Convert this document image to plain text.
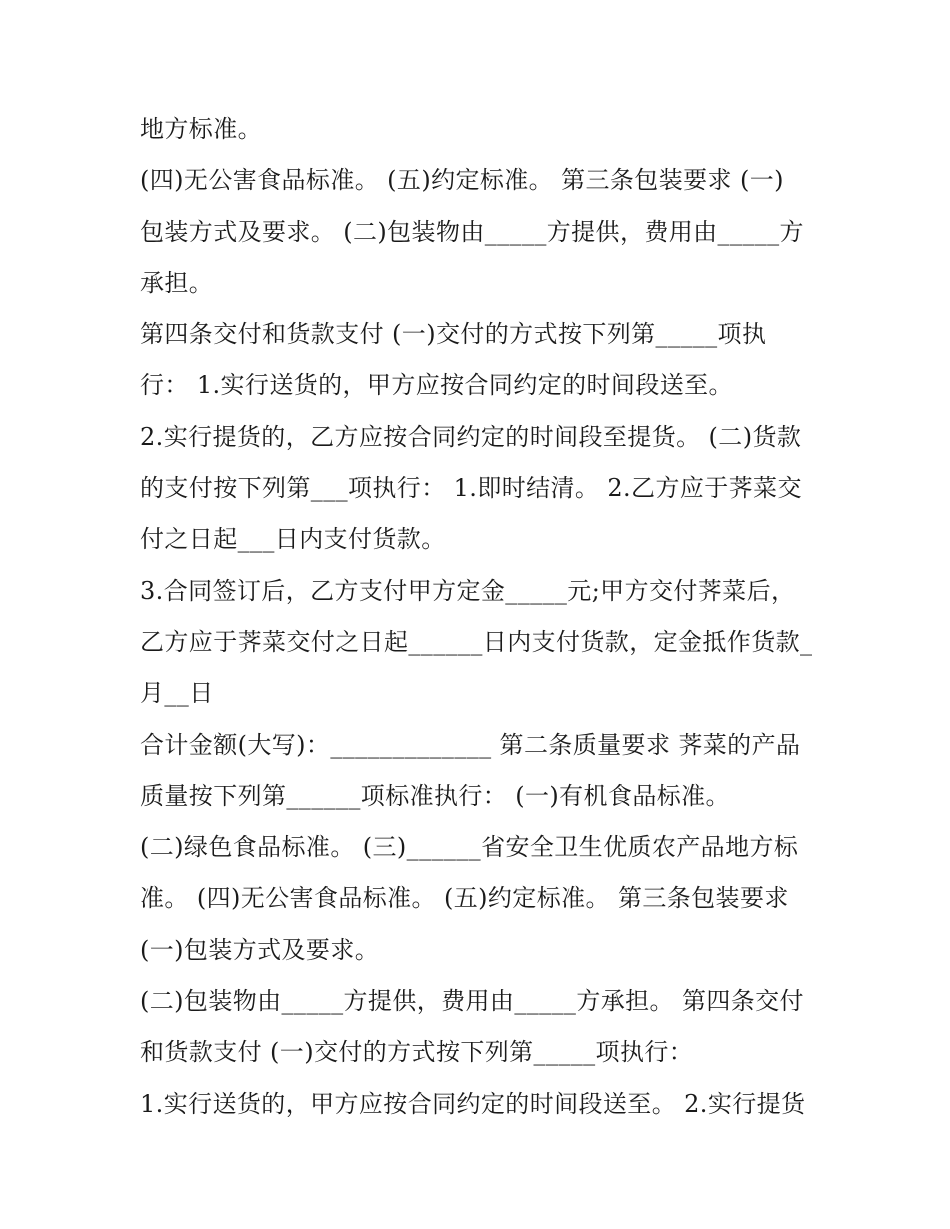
地方标准。
(四)无公害食品标准。 (五)约定标准。 第三条包装要求 (一)
包装方式及要求。 (二)包装物由_____方提供，费用由_____方
承担。
第四条交付和货款支付 (一)交付的方式按下列第_____项执
行： 1.实行送货的，甲方应按合同约定的时间段送至。
2.实行提货的，乙方应按合同约定的时间段至提货。 (二)货款
的支付按下列第___项执行： 1.即时结清。 2.乙方应于荠菜交
付之日起___日内支付货款。
3.合同签订后，乙方支付甲方定金_____元;甲方交付荠菜后，
乙方应于荠菜交付之日起______日内支付货款，定金抵作货款_
月__日
合计金额(大写)：_____________ 第二条质量要求 荠菜的产品
质量按下列第______项标准执行： (一)有机食品标准。
(二)绿色食品标准。 (三)______省安全卫生优质农产品地方标
准。 (四)无公害食品标准。 (五)约定标准。 第三条包装要求
(一)包装方式及要求。
(二)包装物由_____方提供，费用由_____方承担。 第四条交付
和货款支付 (一)交付的方式按下列第_____项执行：
1.实行送货的，甲方应按合同约定的时间段送至。 2.实行提货
